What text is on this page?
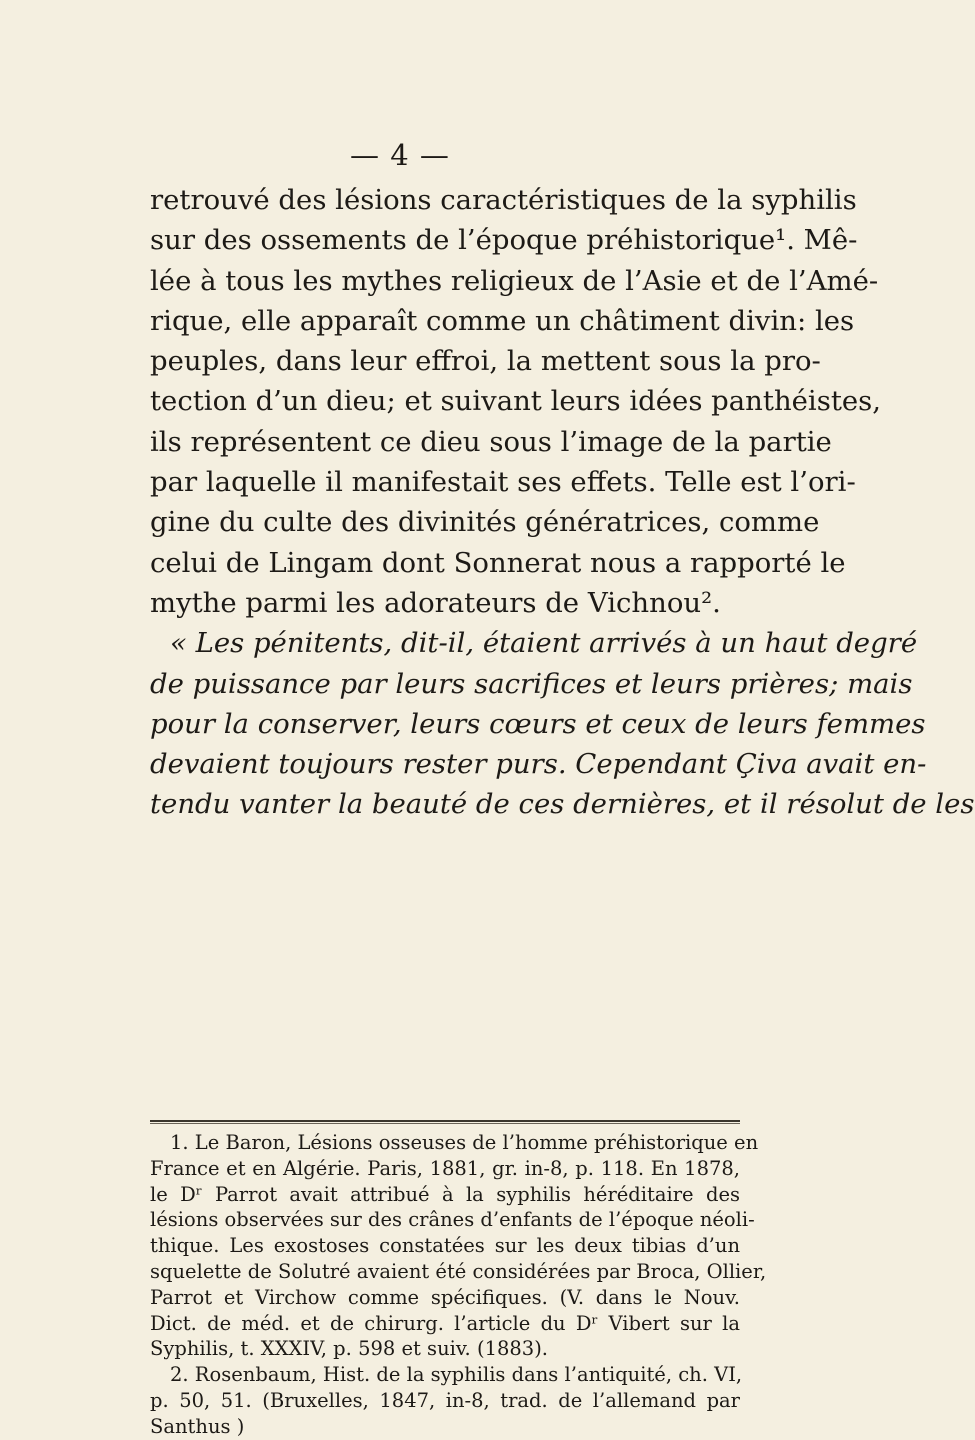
— 4 —
retrouvé des lésions caractéristiques de la syphilis
sur des ossements de l’époque préhistorique¹. Mê-
lée à tous les mythes religieux de l’Asie et de l’Amé-
rique, elle apparaît comme un châtiment divin: les
peuples, dans leur effroi, la mettent sous la pro-
tection d’un dieu; et suivant leurs idées panthéistes,
ils représentent ce dieu sous l’image de la partie
par laquelle il manifestait ses effets. Telle est l’ori-
gine du culte des divinités génératrices, comme
celui de Lingam dont Sonnerat nous a rapporté le
mythe parmi les adorateurs de Vichnou².
« Les pénitents, dit-il, étaient arrivés à un haut degré
de puissance par leurs sacrifices et leurs prières; mais
pour la conserver, leurs cœurs et ceux de leurs femmes
devaient toujours rester purs. Cependant Çiva avait en-
tendu vanter la beauté de ces dernières, et il résolut de les
1. Le Baron, Lésions osseuses de l’homme préhistorique en
France et en Algérie. Paris, 1881, gr. in-8, p. 118. En 1878,
le Dʳ Parrot avait attribué à la syphilis héréditaire des
lésions observées sur des crânes d’enfants de l’époque néoli-
thique. Les exostoses constatées sur les deux tibias d’un
squelette de Solutré avaient été considérées par Broca, Ollier,
Parrot et Virchow comme spécifiques. (V. dans le Nouv.
Dict. de méd. et de chirurg. l’article du Dʳ Vibert sur la
Syphilis, t. XXXIV, p. 598 et suiv. (1883).
2. Rosenbaum, Hist. de la syphilis dans l’antiquité, ch. VI,
p. 50, 51. (Bruxelles, 1847, in-8, trad. de l’allemand par
Santhus )
